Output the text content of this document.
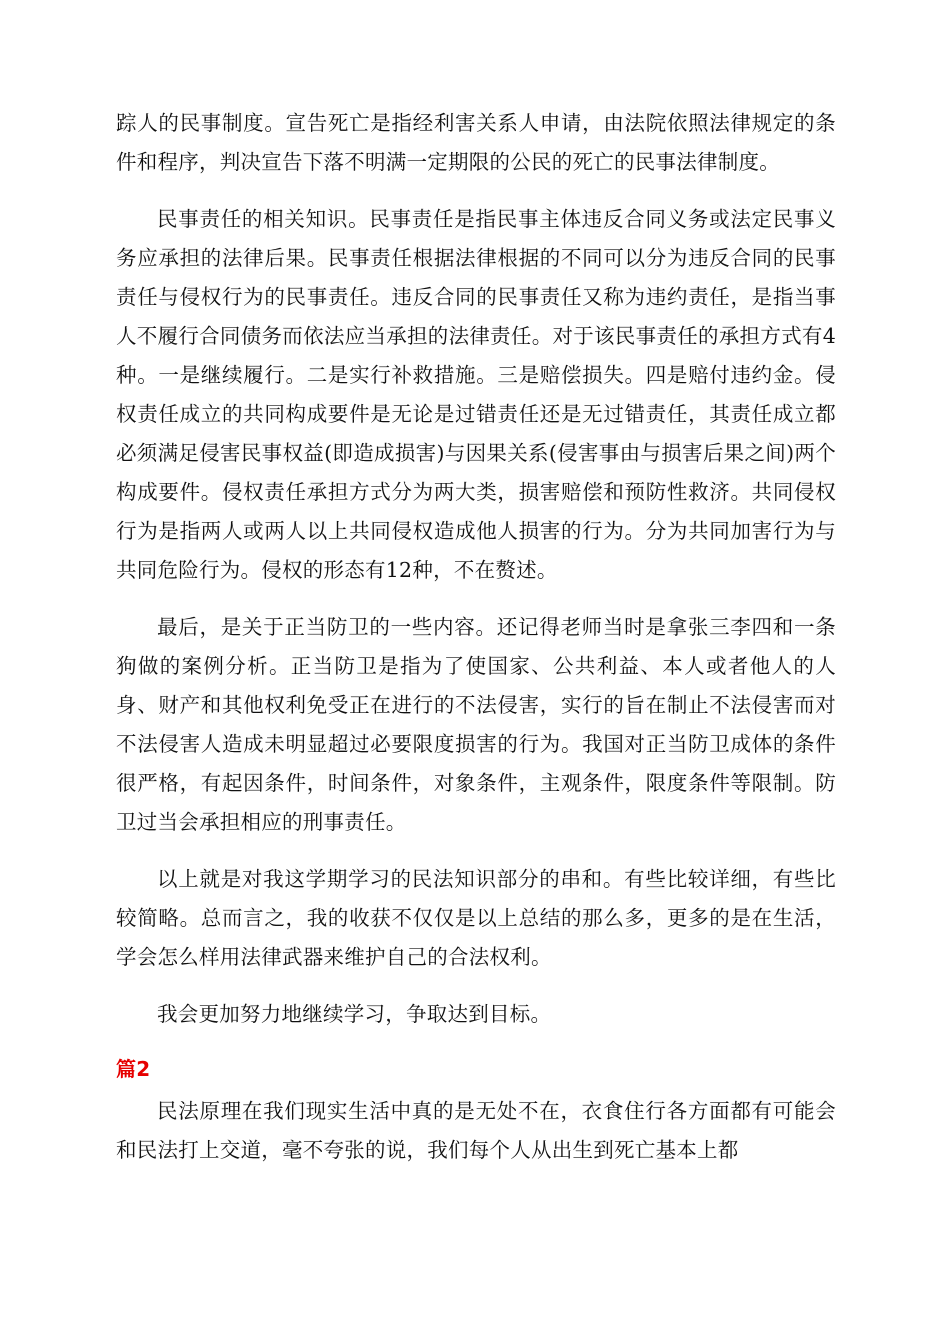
踪人的民事制度。宣告死亡是指经利害关系人申请，由法院依照法律规定的条件和程序，判决宣告下落不明满一定期限的公民的死亡的民事法律制度。

民事责任的相关知识。民事责任是指民事主体违反合同义务或法定民事义务应承担的法律后果。民事责任根据法律根据的不同可以分为违反合同的民事责任与侵权行为的民事责任。违反合同的民事责任又称为违约责任，是指当事人不履行合同债务而依法应当承担的法律责任。对于该民事责任的承担方式有4种。一是继续履行。二是实行补救措施。三是赔偿损失。四是赔付违约金。侵权责任成立的共同构成要件是无论是过错责任还是无过错责任，其责任成立都必须满足侵害民事权益(即造成损害)与因果关系(侵害事由与损害后果之间)两个构成要件。侵权责任承担方式分为两大类，损害赔偿和预防性救济。共同侵权行为是指两人或两人以上共同侵权造成他人损害的行为。分为共同加害行为与共同危险行为。侵权的形态有12种，不在赘述。

最后，是关于正当防卫的一些内容。还记得老师当时是拿张三李四和一条狗做的案例分析。正当防卫是指为了使国家、公共利益、本人或者他人的人身、财产和其他权利免受正在进行的不法侵害，实行的旨在制止不法侵害而对不法侵害人造成未明显超过必要限度损害的行为。我国对正当防卫成体的条件很严格，有起因条件，时间条件，对象条件，主观条件，限度条件等限制。防卫过当会承担相应的刑事责任。

以上就是对我这学期学习的民法知识部分的串和。有些比较详细，有些比较简略。总而言之，我的收获不仅仅是以上总结的那么多，更多的是在生活，学会怎么样用法律武器来维护自己的合法权利。

我会更加努力地继续学习，争取达到目标。

篇2

民法原理在我们现实生活中真的是无处不在，衣食住行各方面都有可能会和民法打上交道，毫不夸张的说，我们每个人从出生到死亡基本上都
